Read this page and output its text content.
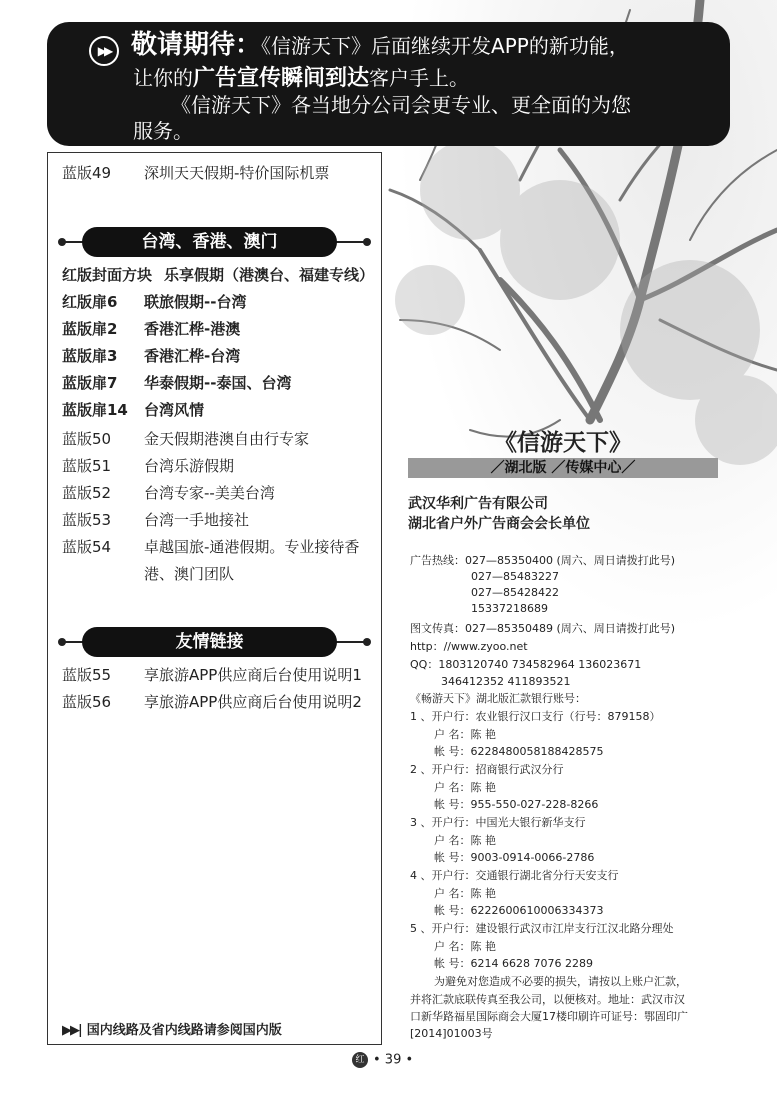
▶▶ 敬请期待：《信游天下》后面继续开发APP的新功能，
让你的广告宣传瞬间到达客户手上。
《信游天下》各当地分公司会更专业、更全面的为您
服务。
蓝版49 深圳天天假期-特价国际机票
台湾、香港、澳门
红版封面方块 乐享假期（港澳台、福建专线）
红版扉6 联旅假期--台湾
蓝版扉2 香港汇桦-港澳
蓝版扉3 香港汇桦-台湾
蓝版扉7 华泰假期--泰国、台湾
蓝版扉14 台湾风情
蓝版50 金天假期港澳自由行专家
蓝版51 台湾乐游假期
蓝版52 台湾专家--美美台湾
蓝版53 台湾一手地接社
蓝版54 卓越国旅-通港假期。专业接待香
港、澳门团队
友情链接
蓝版55 享旅游APP供应商后台使用说明1
蓝版56 享旅游APP供应商后台使用说明2
▶▶| 国内线路及省内线路请参阅国内版
《信游天下》
／湖北版 ／传媒中心／
武汉华利广告有限公司
湖北省户外广告商会会长单位
广告热线：027—85350400 (周六、周日请拨打此号)
027—85483227
027—85428422
15337218689
图文传真：027—85350489 (周六、周日请拨打此号)
http：//www.zyoo.net
QQ：1803120740 734582964 136023671
346412352 411893521
《畅游天下》湖北版汇款银行账号：
1 、开户行：农业银行汉口支行（行号：879158）
户 名：陈 艳
帐 号：6228480058188428575
2 、开户行：招商银行武汉分行
户 名：陈 艳
帐 号：955-550-027-228-8266
3 、开户行：中国光大银行新华支行
户 名：陈 艳
帐 号：9003-0914-0066-2786
4 、开户行：交通银行湖北省分行天安支行
户 名：陈 艳
帐 号：6222600610006334373
5 、开户行：建设银行武汉市江岸支行江汉北路分理处
户 名：陈 艳
帐 号：6214 6628 7076 2289
为避免对您造成不必要的损失，请按以上账户汇款，
并将汇款底联传真至我公司，以便核对。地址：武汉市汉
口新华路福星国际商会大厦17楼印刷许可证号：鄂固印广
[2014]01003号
红 • 39 •
